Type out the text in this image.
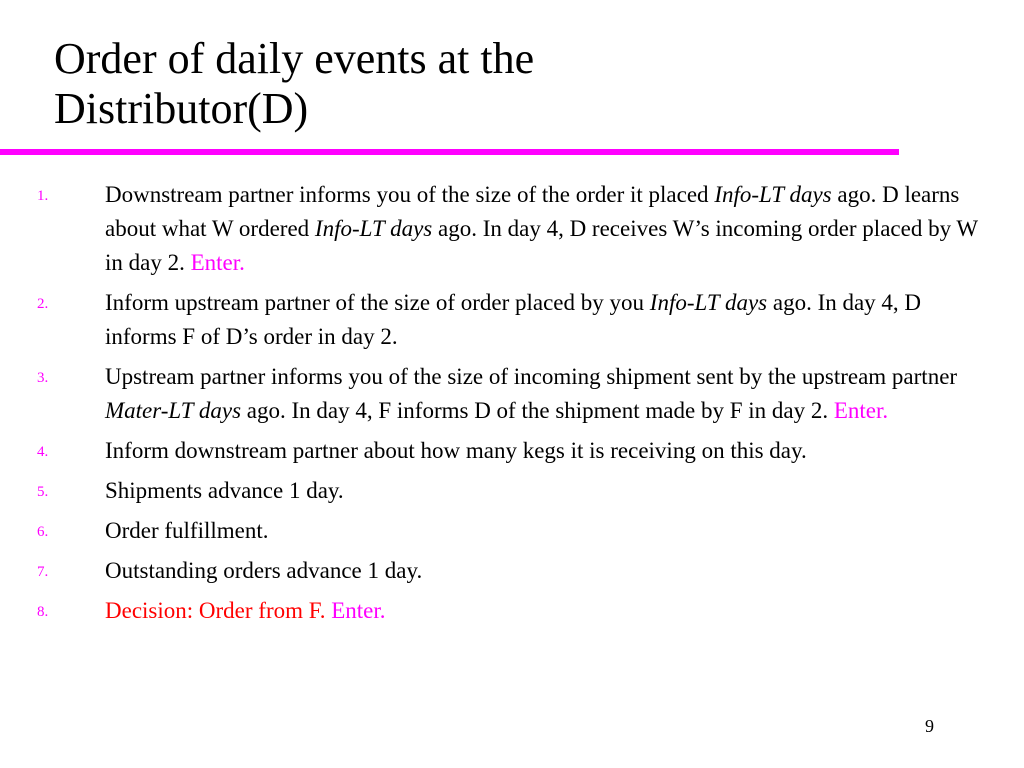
Order of daily events at the
Distributor(D)
1. Downstream partner informs you of the size of the order it placed Info-LT days ago. D learns about what W ordered Info-LT days ago. In day 4, D receives W’s incoming order placed by W in day 2. Enter.
2. Inform upstream partner of the size of order placed by you Info-LT days ago. In day 4, D informs F of D’s order in day 2.
3. Upstream partner informs you of the size of incoming shipment sent by the upstream partner Mater-LT days ago. In day 4, F informs D of the shipment made by F in day 2. Enter.
4. Inform downstream partner about how many kegs it is receiving on this day.
5. Shipments advance 1 day.
6. Order fulfillment.
7. Outstanding orders advance 1 day.
8. Decision: Order from F. Enter.
9
